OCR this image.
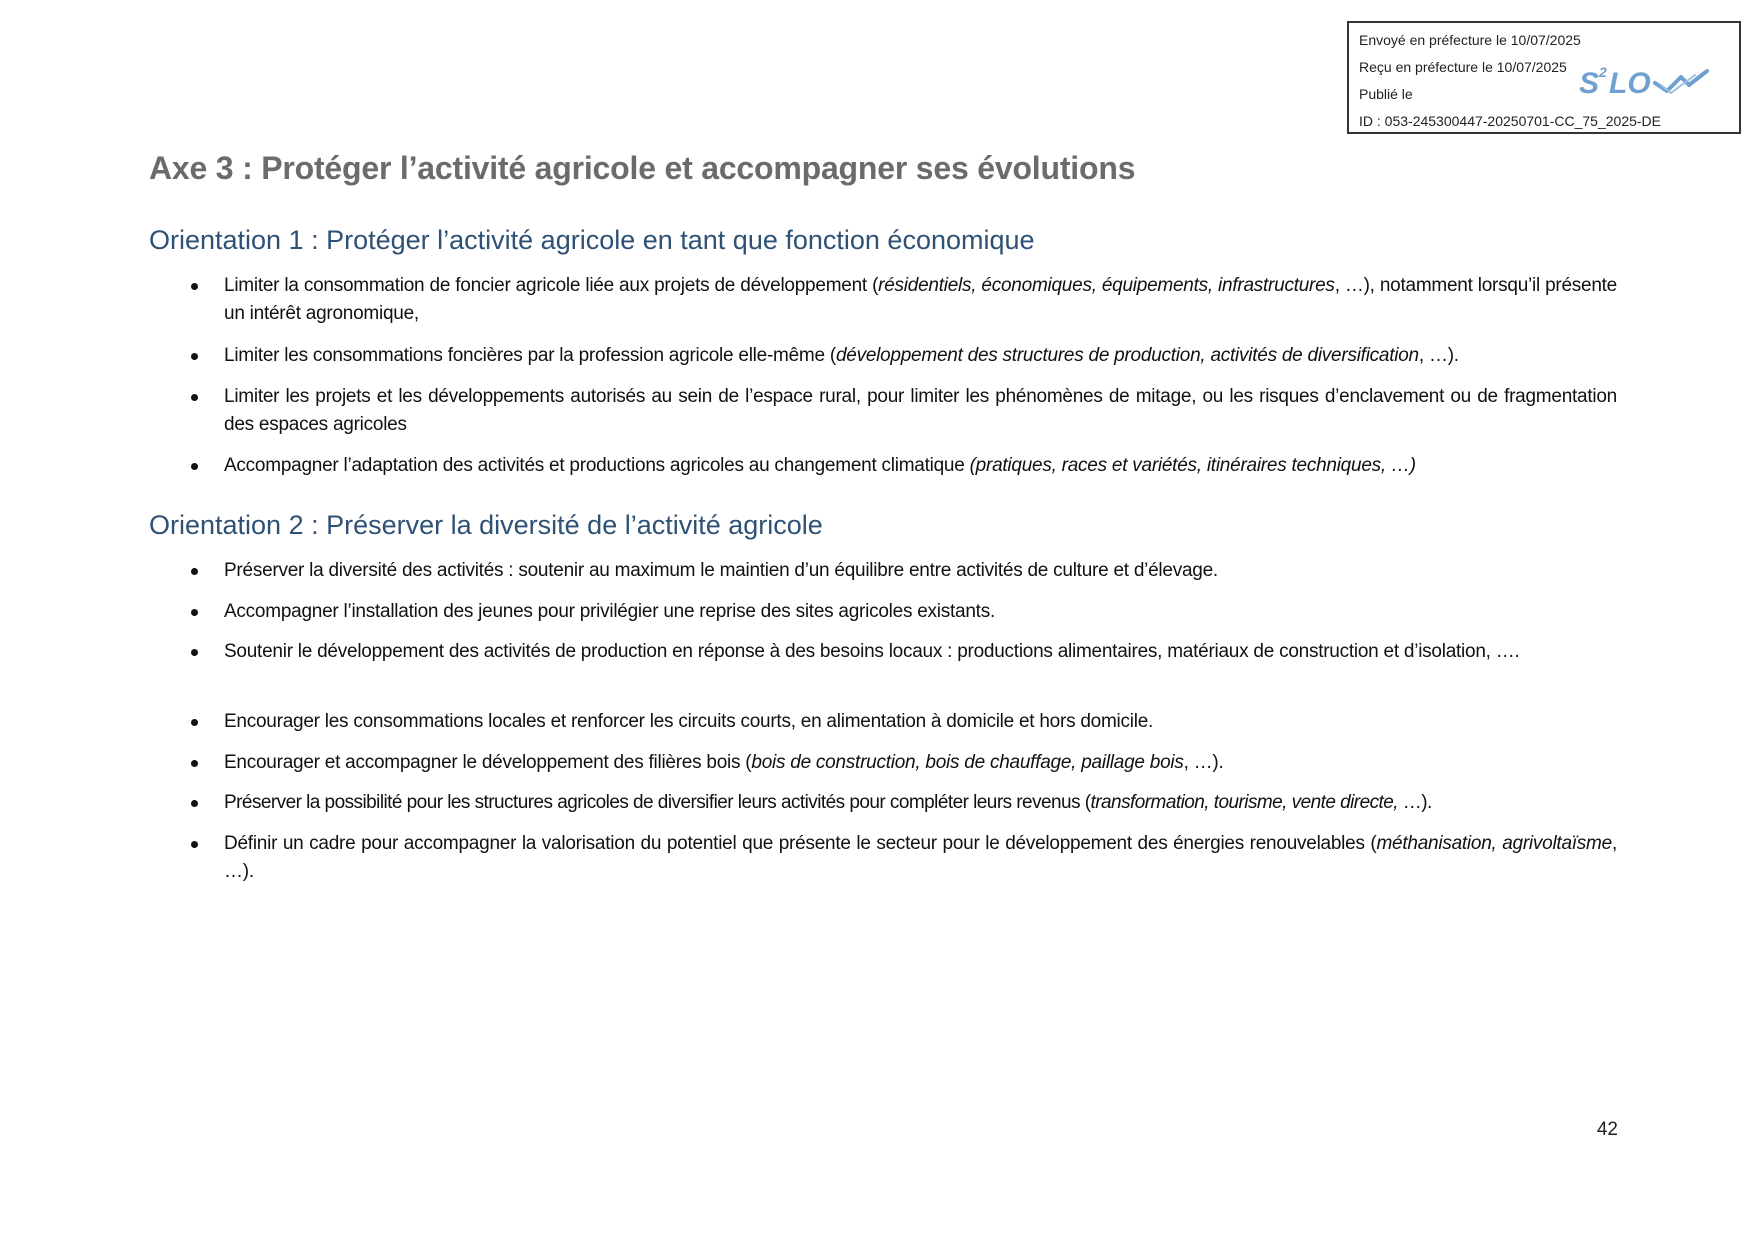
Envoyé en préfecture le 10/07/2025
Reçu en préfecture le 10/07/2025
Publié le
ID : 053-245300447-20250701-CC_75_2025-DE
S 2 LO
Axe 3 : Protéger l’activité agricole et accompagner ses évolutions
Orientation 1 : Protéger l’activité agricole en tant que fonction économique
Limiter la consommation de foncier agricole liée aux projets de développement (résidentiels, économiques, équipements, infrastructures, …), notamment lorsqu’il présente un intérêt agronomique,
Limiter les consommations foncières par la profession agricole elle-même (développement des structures de production, activités de diversification, …).
Limiter les projets et les développements autorisés au sein de l’espace rural, pour limiter les phénomènes de mitage, ou les risques d’enclavement ou de fragmentation des espaces agricoles
Accompagner l’adaptation des activités et productions agricoles au changement climatique (pratiques, races et variétés, itinéraires techniques, …)
Orientation 2 : Préserver la diversité de l’activité agricole
Préserver la diversité des activités : soutenir au maximum le maintien d’un équilibre entre activités de culture et d’élevage.
Accompagner l’installation des jeunes pour privilégier une reprise des sites agricoles existants.
Soutenir le développement des activités de production en réponse à des besoins locaux : productions alimentaires, matériaux de construction et d’isolation, ….
Encourager les consommations locales et renforcer les circuits courts, en alimentation à domicile et hors domicile.
Encourager et accompagner le développement des filières bois (bois de construction, bois de chauffage, paillage bois, …).
Préserver la possibilité pour les structures agricoles de diversifier leurs activités pour compléter leurs revenus (transformation, tourisme, vente directe, …).
Définir un cadre pour accompagner la valorisation du potentiel que présente le secteur pour le développement des énergies renouvelables (méthanisation, agrivoltaïsme, …).
42
